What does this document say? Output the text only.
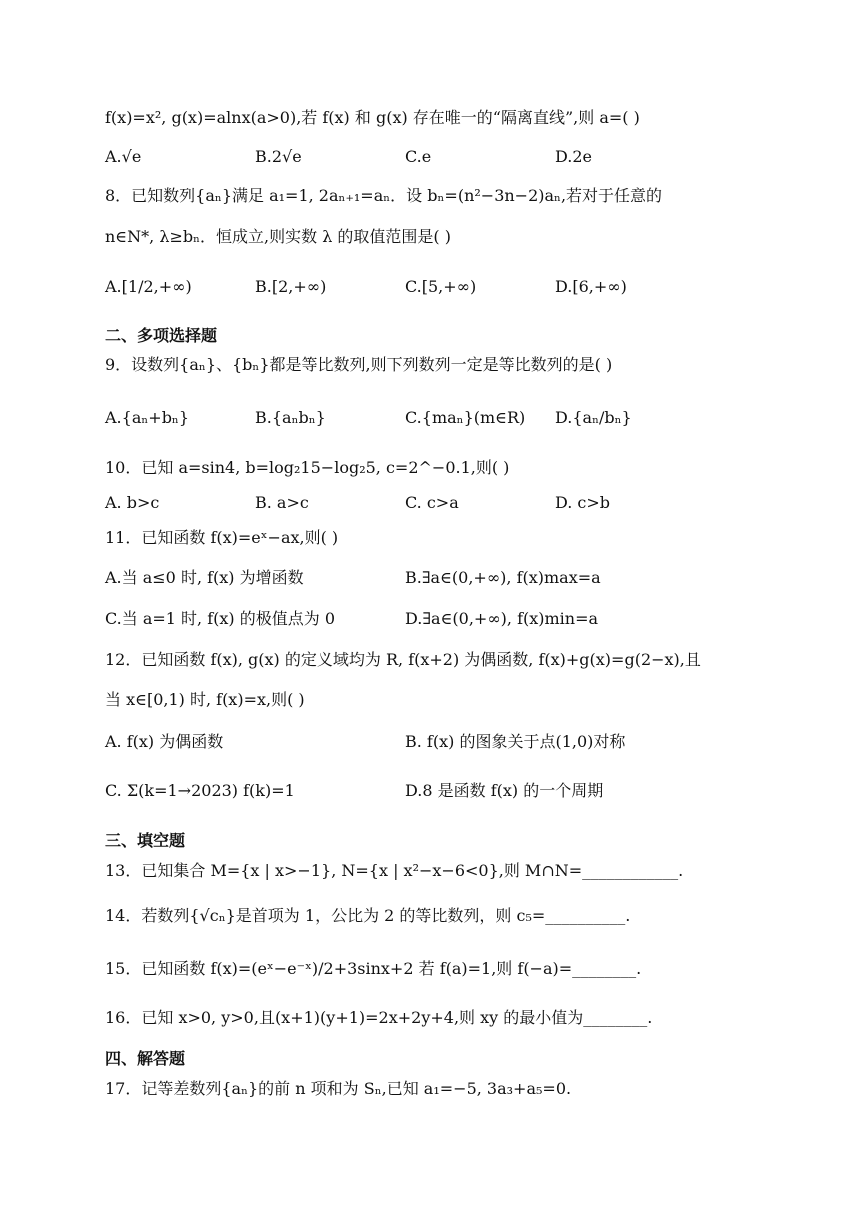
f(x)=x², g(x)=alnx(a>0),若 f(x) 和 g(x) 存在唯一的“隔离直线”,则 a=( )
A.√e	B.2√e	C.e	D.2e
8．已知数列{aₙ}满足 a₁=1, 2aₙ₊₁=aₙ．设 bₙ=(n²−3n−2)aₙ,若对于任意的
n∈N*, λ≥bₙ．恒成立,则实数 λ 的取值范围是( )
A.[1/2,+∞)	B.[2,+∞)	C.[5,+∞)	D.[6,+∞)
二、多项选择题
9．设数列{aₙ}、{bₙ}都是等比数列,则下列数列一定是等比数列的是( )
A.{aₙ+bₙ}	B.{aₙbₙ}	C.{maₙ}(m∈R) D.{aₙ/bₙ}
10．已知 a=sin4, b=log₂15−log₂5, c=2^−0.1,则( )
A. b>c	B. a>c	C. c>a	D. c>b
11．已知函数 f(x)=eˣ−ax,则( )
A.当 a≤0 时, f(x) 为增函数	B.∃a∈(0,+∞), f(x)max=a
C.当 a=1 时, f(x) 的极值点为 0	D.∃a∈(0,+∞), f(x)min=a
12．已知函数 f(x), g(x) 的定义域均为 R, f(x+2) 为偶函数, f(x)+g(x)=g(2−x),且
当 x∈[0,1) 时, f(x)=x,则( )
A. f(x) 为偶函数	B. f(x) 的图象关于点(1,0)对称
C. Σ(k=1→2023) f(k)=1	D.8 是函数 f(x) 的一个周期
三、填空题
13．已知集合 M={x | x>−1}, N={x | x²−x−6<0},则 M∩N=____________.
14．若数列{√cₙ}是首项为 1，公比为 2 的等比数列，则 c₅=__________.
15．已知函数 f(x)=(eˣ−e⁻ˣ)/2+3sinx+2 若 f(a)=1,则 f(−a)=________.
16．已知 x>0, y>0,且(x+1)(y+1)=2x+2y+4,则 xy 的最小值为________.
四、解答题
17．记等差数列{aₙ}的前 n 项和为 Sₙ,已知 a₁=−5, 3a₃+a₅=0.
